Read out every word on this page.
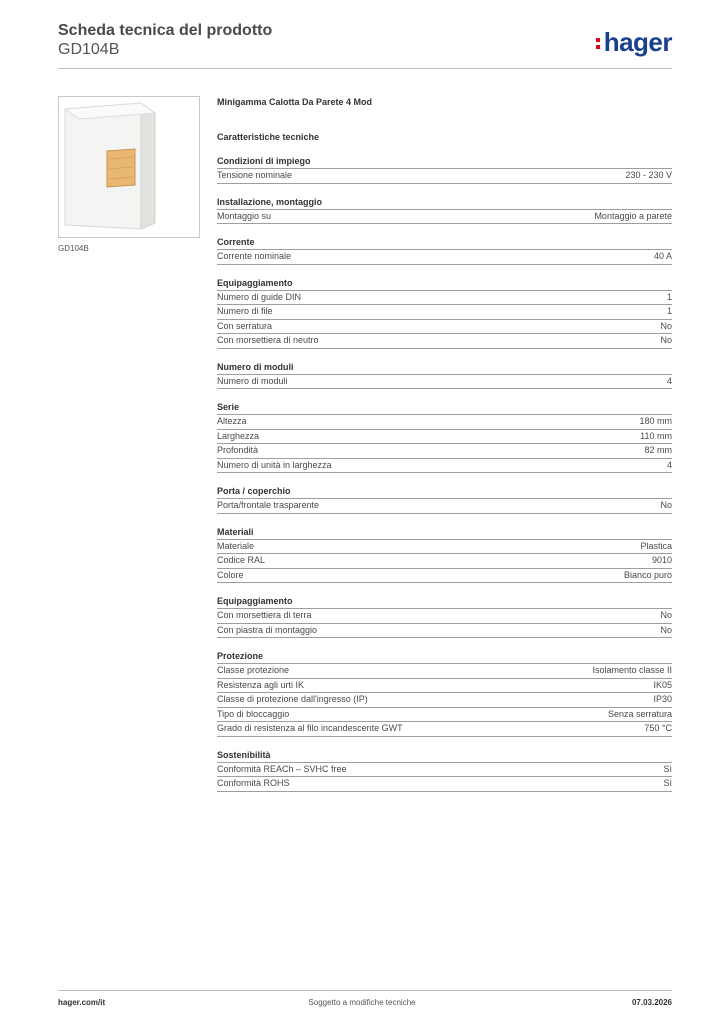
Scheda tecnica del prodotto
GD104B	hager
GD104B
Minigamma Calotta Da Parete 4 Mod
Caratteristiche tecniche
Condizioni di impiego
Tensione nominale	230 - 230 V
Installazione, montaggio
Montaggio su	Montaggio a parete
Corrente
Corrente nominale	40 A
Equipaggiamento
Numero di guide DIN	1
Numero di file	1
Con serratura	No
Con morsettiera di neutro	No
Numero di moduli
Numero di moduli	4
Serie
Altezza	180 mm
Larghezza	110 mm
Profondità	82 mm
Numero di unità in larghezza	4
Porta / coperchio
Porta/frontale trasparente	No
Materiali
Materiale	Plastica
Codice RAL	9010
Colore	Bianco puro
Equipaggiamento
Con morsettiera di terra	No
Con piastra di montaggio	No
Protezione
Classe protezione	Isolamento classe II
Resistenza agli urti IK	IK05
Classe di protezione dall'ingresso (IP)	IP30
Tipo di bloccaggio	Senza serratura
Grado di resistenza al filo incandescente GWT	750 °C
Sostenibilità
Conformità REACh – SVHC free	Sì
Conformità ROHS	Sì
hager.com/it	Soggetto a modifiche tecniche	07.03.2026
